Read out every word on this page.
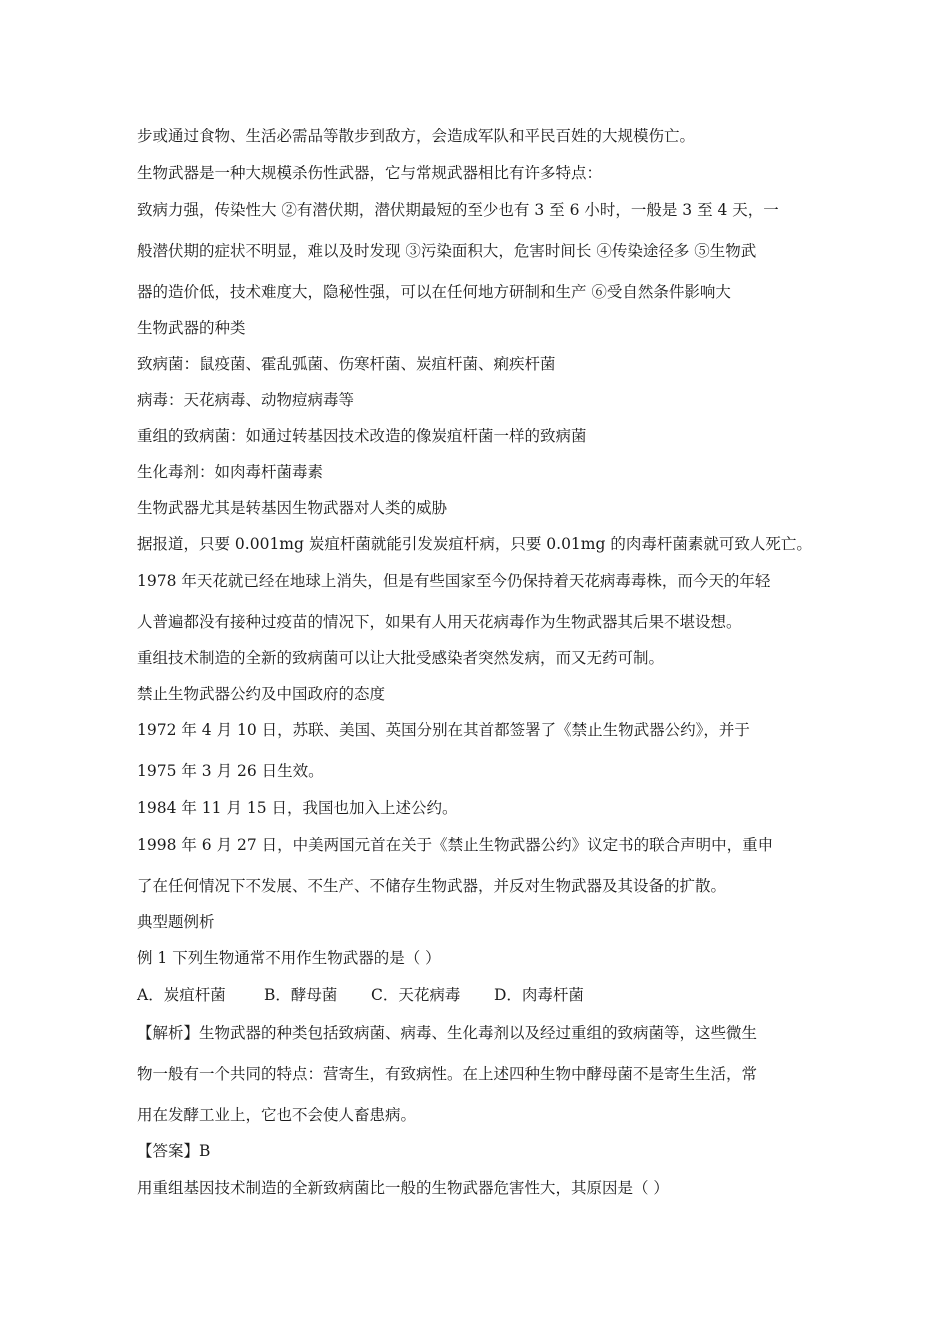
步或通过食物、生活必需品等散步到敌方，会造成军队和平民百姓的大规模伤亡。
生物武器是一种大规模杀伤性武器，它与常规武器相比有许多特点：
致病力强，传染性大 ②有潜伏期，潜伏期最短的至少也有 3 至 6 小时，一般是 3 至 4 天，一
般潜伏期的症状不明显，难以及时发现 ③污染面积大，危害时间长 ④传染途径多 ⑤生物武
器的造价低，技术难度大，隐秘性强，可以在任何地方研制和生产 ⑥受自然条件影响大
生物武器的种类
致病菌：鼠疫菌、霍乱弧菌、伤寒杆菌、炭疽杆菌、痢疾杆菌
病毒：天花病毒、动物痘病毒等
重组的致病菌：如通过转基因技术改造的像炭疽杆菌一样的致病菌
生化毒剂：如肉毒杆菌毒素
生物武器尤其是转基因生物武器对人类的威胁
据报道，只要 0.001mg 炭疽杆菌就能引发炭疽杆病，只要 0.01mg 的肉毒杆菌素就可致人死亡。
1978 年天花就已经在地球上消失，但是有些国家至今仍保持着天花病毒毒株，而今天的年轻
人普遍都没有接种过疫苗的情况下，如果有人用天花病毒作为生物武器其后果不堪设想。
重组技术制造的全新的致病菌可以让大批受感染者突然发病，而又无药可制。
禁止生物武器公约及中国政府的态度
1972 年 4 月 10 日，苏联、美国、英国分别在其首都签署了《禁止生物武器公约》，并于
1975 年 3 月 26 日生效。
1984 年 11 月 15 日，我国也加入上述公约。
1998 年 6 月 27 日，中美两国元首在关于《禁止生物武器公约》议定书的联合声明中，重申
了在任何情况下不发展、不生产、不储存生物武器，并反对生物武器及其设备的扩散。
典型题例析
例 1 下列生物通常不用作生物武器的是（ ）
A．炭疽杆菌 B．酵母菌 C．天花病毒 D．肉毒杆菌
【解析】生物武器的种类包括致病菌、病毒、生化毒剂以及经过重组的致病菌等，这些微生
物一般有一个共同的特点：营寄生，有致病性。在上述四种生物中酵母菌不是寄生生活，常
用在发酵工业上，它也不会使人畜患病。
【答案】B
用重组基因技术制造的全新致病菌比一般的生物武器危害性大，其原因是（ ）
